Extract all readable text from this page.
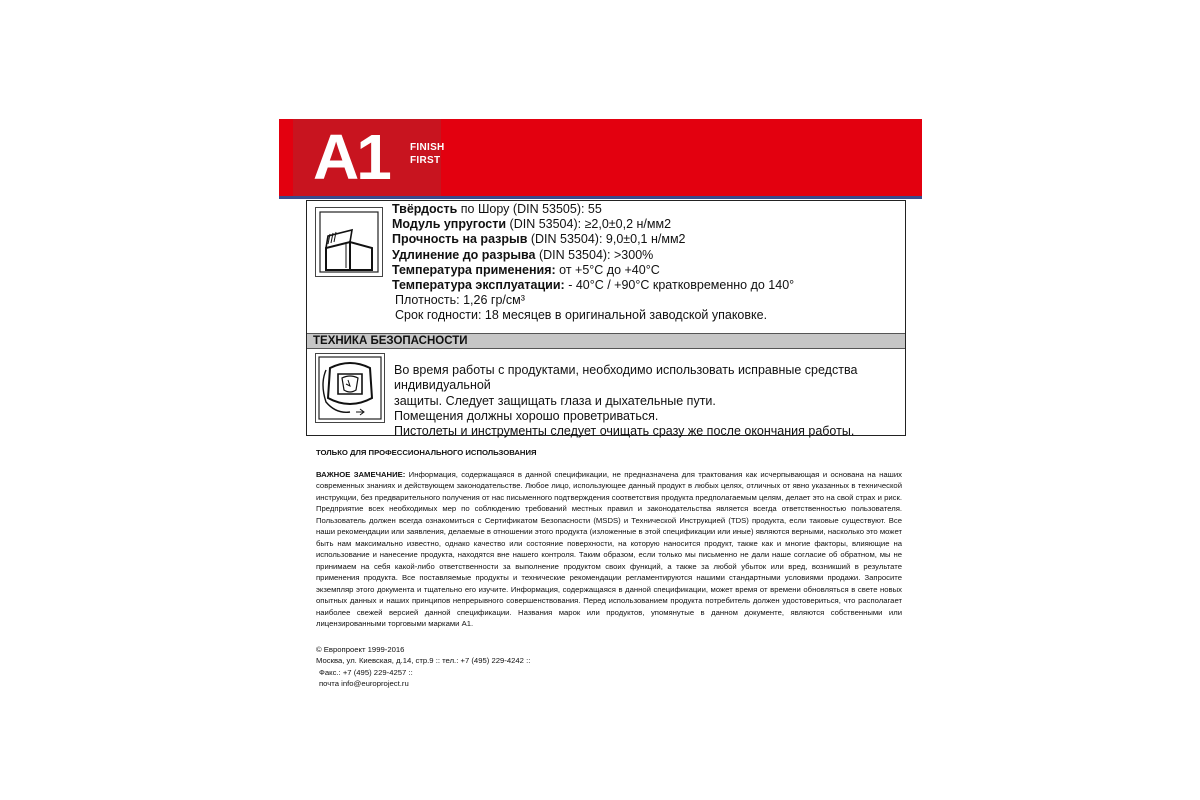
A1 FINISH
FIRST
Твёрдость по Шору (DIN 53505): 55
Модуль упругости (DIN 53504): ≥2,0±0,2 н/мм2
Прочность на разрыв (DIN 53504): 9,0±0,1 н/мм2
Удлинение до разрыва (DIN 53504): >300%
Температура применения: от +5°C до +40°C
Температура эксплуатации: - 40°C / +90°C кратковременно до 140°
Плотность: 1,26 гр/см³
Срок годности: 18 месяцев в оригинальной заводской упаковке.
ТЕХНИКА БЕЗОПАСНОСТИ
Во время работы с продуктами, необходимо использовать исправные средства индивидуальной
защиты. Следует защищать глаза и дыхательные пути.
Помещения должны хорошо проветриваться.
Пистолеты и инструменты следует очищать сразу же после окончания работы.
ТОЛЬКО ДЛЯ ПРОФЕССИОНАЛЬНОГО ИСПОЛЬЗОВАНИЯ
ВАЖНОЕ ЗАМЕЧАНИЕ: Информация, содержащаяся в данной спецификации, не предназначена для трактования как исчерпывающая и основана на наших современных знаниях и действующем законодательстве. Любое лицо, использующее данный продукт в любых целях, отличных от явно указанных в технической инструкции, без предварительного получения от нас письменного подтверждения соответствия продукта предполагаемым целям, делает это на свой страх и риск. Предприятие всех необходимых мер по соблюдению требований местных правил и законодательства является всегда ответственностью пользователя. Пользователь должен всегда ознакомиться с Сертификатом Безопасности (MSDS) и Технической Инструкцией (TDS) продукта, если таковые существуют. Все наши рекомендации или заявления, делаемые в отношении этого продукта (изложенные в этой спецификации или иные) являются верными, насколько это может быть нам максимально известно, однако качество или состояние поверхности, на которую наносится продукт, также как и многие факторы, влияющие на использование и нанесение продукта, находятся вне нашего контроля. Таким образом, если только мы письменно не дали наше согласие об обратном, мы не принимаем на себя какой-либо ответственности за выполнение продуктом своих функций, а также за любой убыток или вред, возникший в результате применения продукта. Все поставляемые продукты и технические рекомендации регламентируются нашими стандартными условиями продажи. Запросите экземпляр этого документа и тщательно его изучите. Информация, содержащаяся в данной спецификации, может время от времени обновляться в свете новых опытных данных и наших принципов непрерывного совершенствования. Перед использованием продукта потребитель должен удостовериться, что располагает наиболее свежей версией данной спецификации. Названия марок или продуктов, упомянутые в данном документе, являются собственными или лицензированными торговыми марками А1.
© Европроект 1999-2016
Москва, ул. Киевская, д.14, стр.9 :: тел.: +7 (495) 229-4242 ::
Факс.: +7 (495) 229-4257 ::
почта info@europroject.ru
